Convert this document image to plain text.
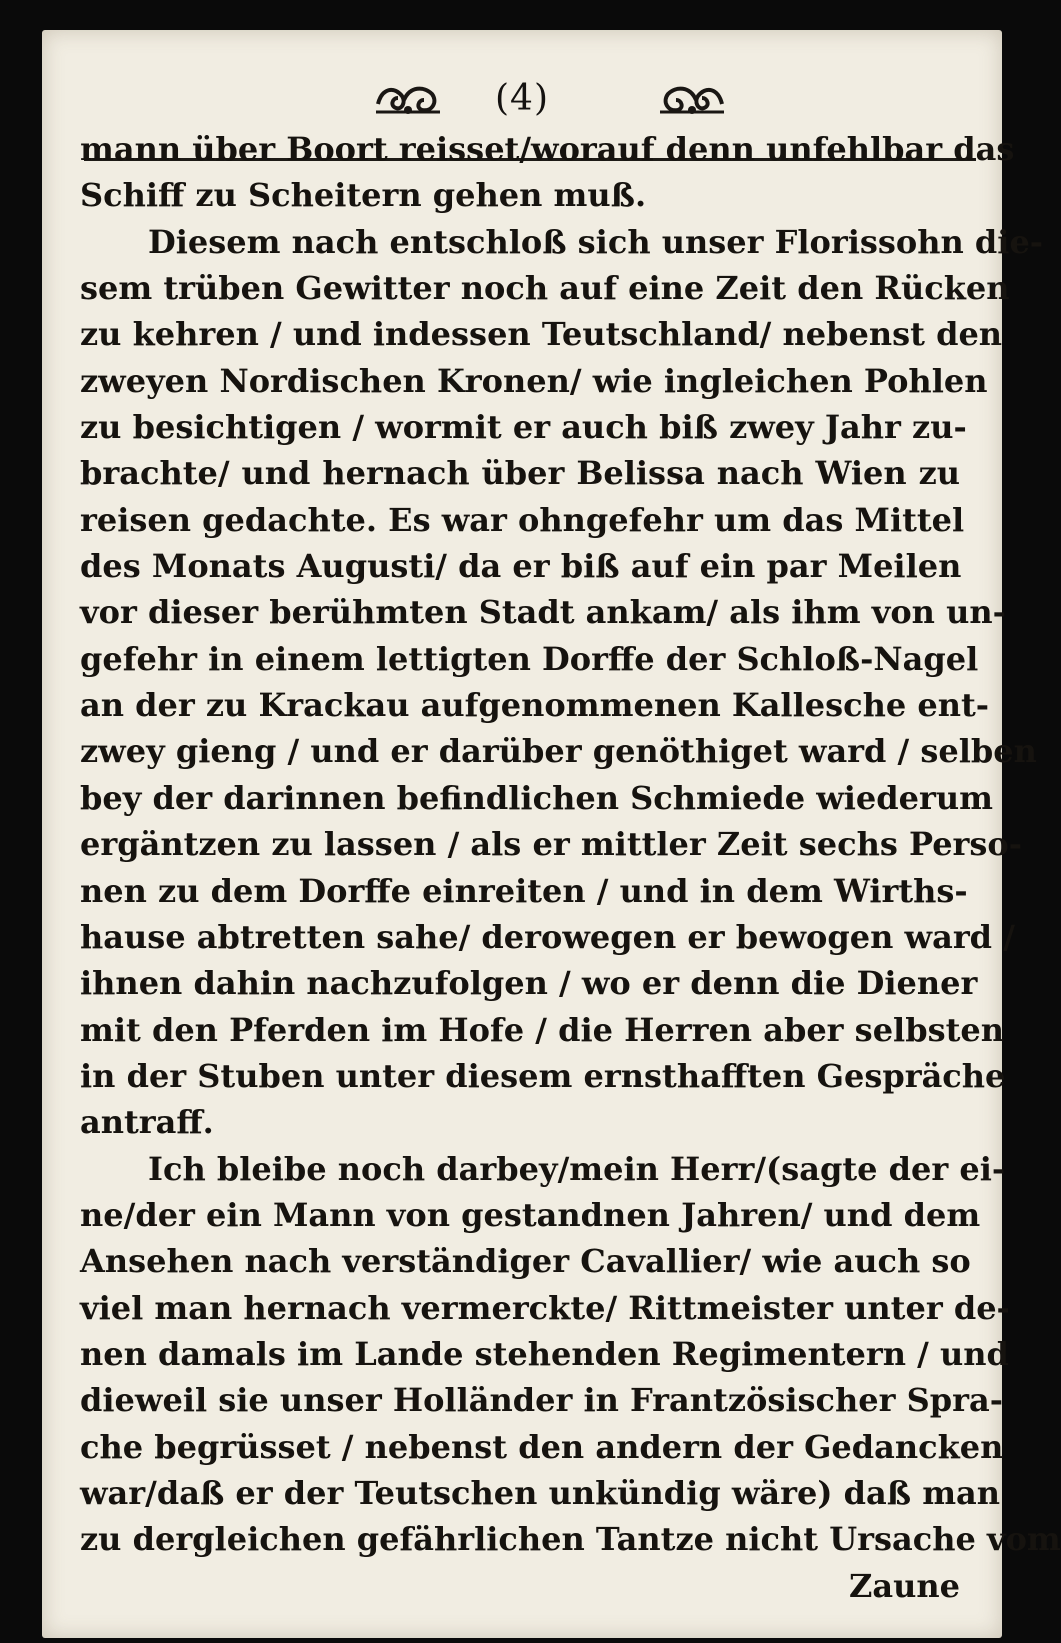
(4)
mann über Boort reisset/worauf denn unfehlbar das
Schiff zu Scheitern gehen muß.
Diesem nach entschloß sich unser Florissohn die-
sem trüben Gewitter noch auf eine Zeit den Rücken
zu kehren / und indessen Teutschland/ nebenst den
zweyen Nordischen Kronen/ wie ingleichen Pohlen
zu besichtigen / wormit er auch biß zwey Jahr zu-
brachte/ und hernach über Belissa nach Wien zu
reisen gedachte. Es war ohngefehr um das Mittel
des Monats Augusti/ da er biß auf ein par Meilen
vor dieser berühmten Stadt ankam/ als ihm von un-
gefehr in einem lettigten Dorffe der Schloß-Nagel
an der zu Krackau aufgenommenen Kallesche ent-
zwey gieng / und er darüber genöthiget ward / selben
bey der darinnen befindlichen Schmiede wiederum
ergäntzen zu lassen / als er mittler Zeit sechs Perso-
nen zu dem Dorffe einreiten / und in dem Wirths-
hause abtretten sahe/ derowegen er bewogen ward /
ihnen dahin nachzufolgen / wo er denn die Diener
mit den Pferden im Hofe / die Herren aber selbsten
in der Stuben unter diesem ernsthafften Gespräche
antraff.
Ich bleibe noch darbey/mein Herr/(sagte der ei-
ne/der ein Mann von gestandnen Jahren/ und dem
Ansehen nach verständiger Cavallier/ wie auch so
viel man hernach vermerckte/ Rittmeister unter de-
nen damals im Lande stehenden Regimentern / und
dieweil sie unser Holländer in Frantzösischer Spra-
che begrüsset / nebenst den andern der Gedancken
war/daß er der Teutschen unkündig wäre) daß man
zu dergleichen gefährlichen Tantze nicht Ursache vom
Zaune
